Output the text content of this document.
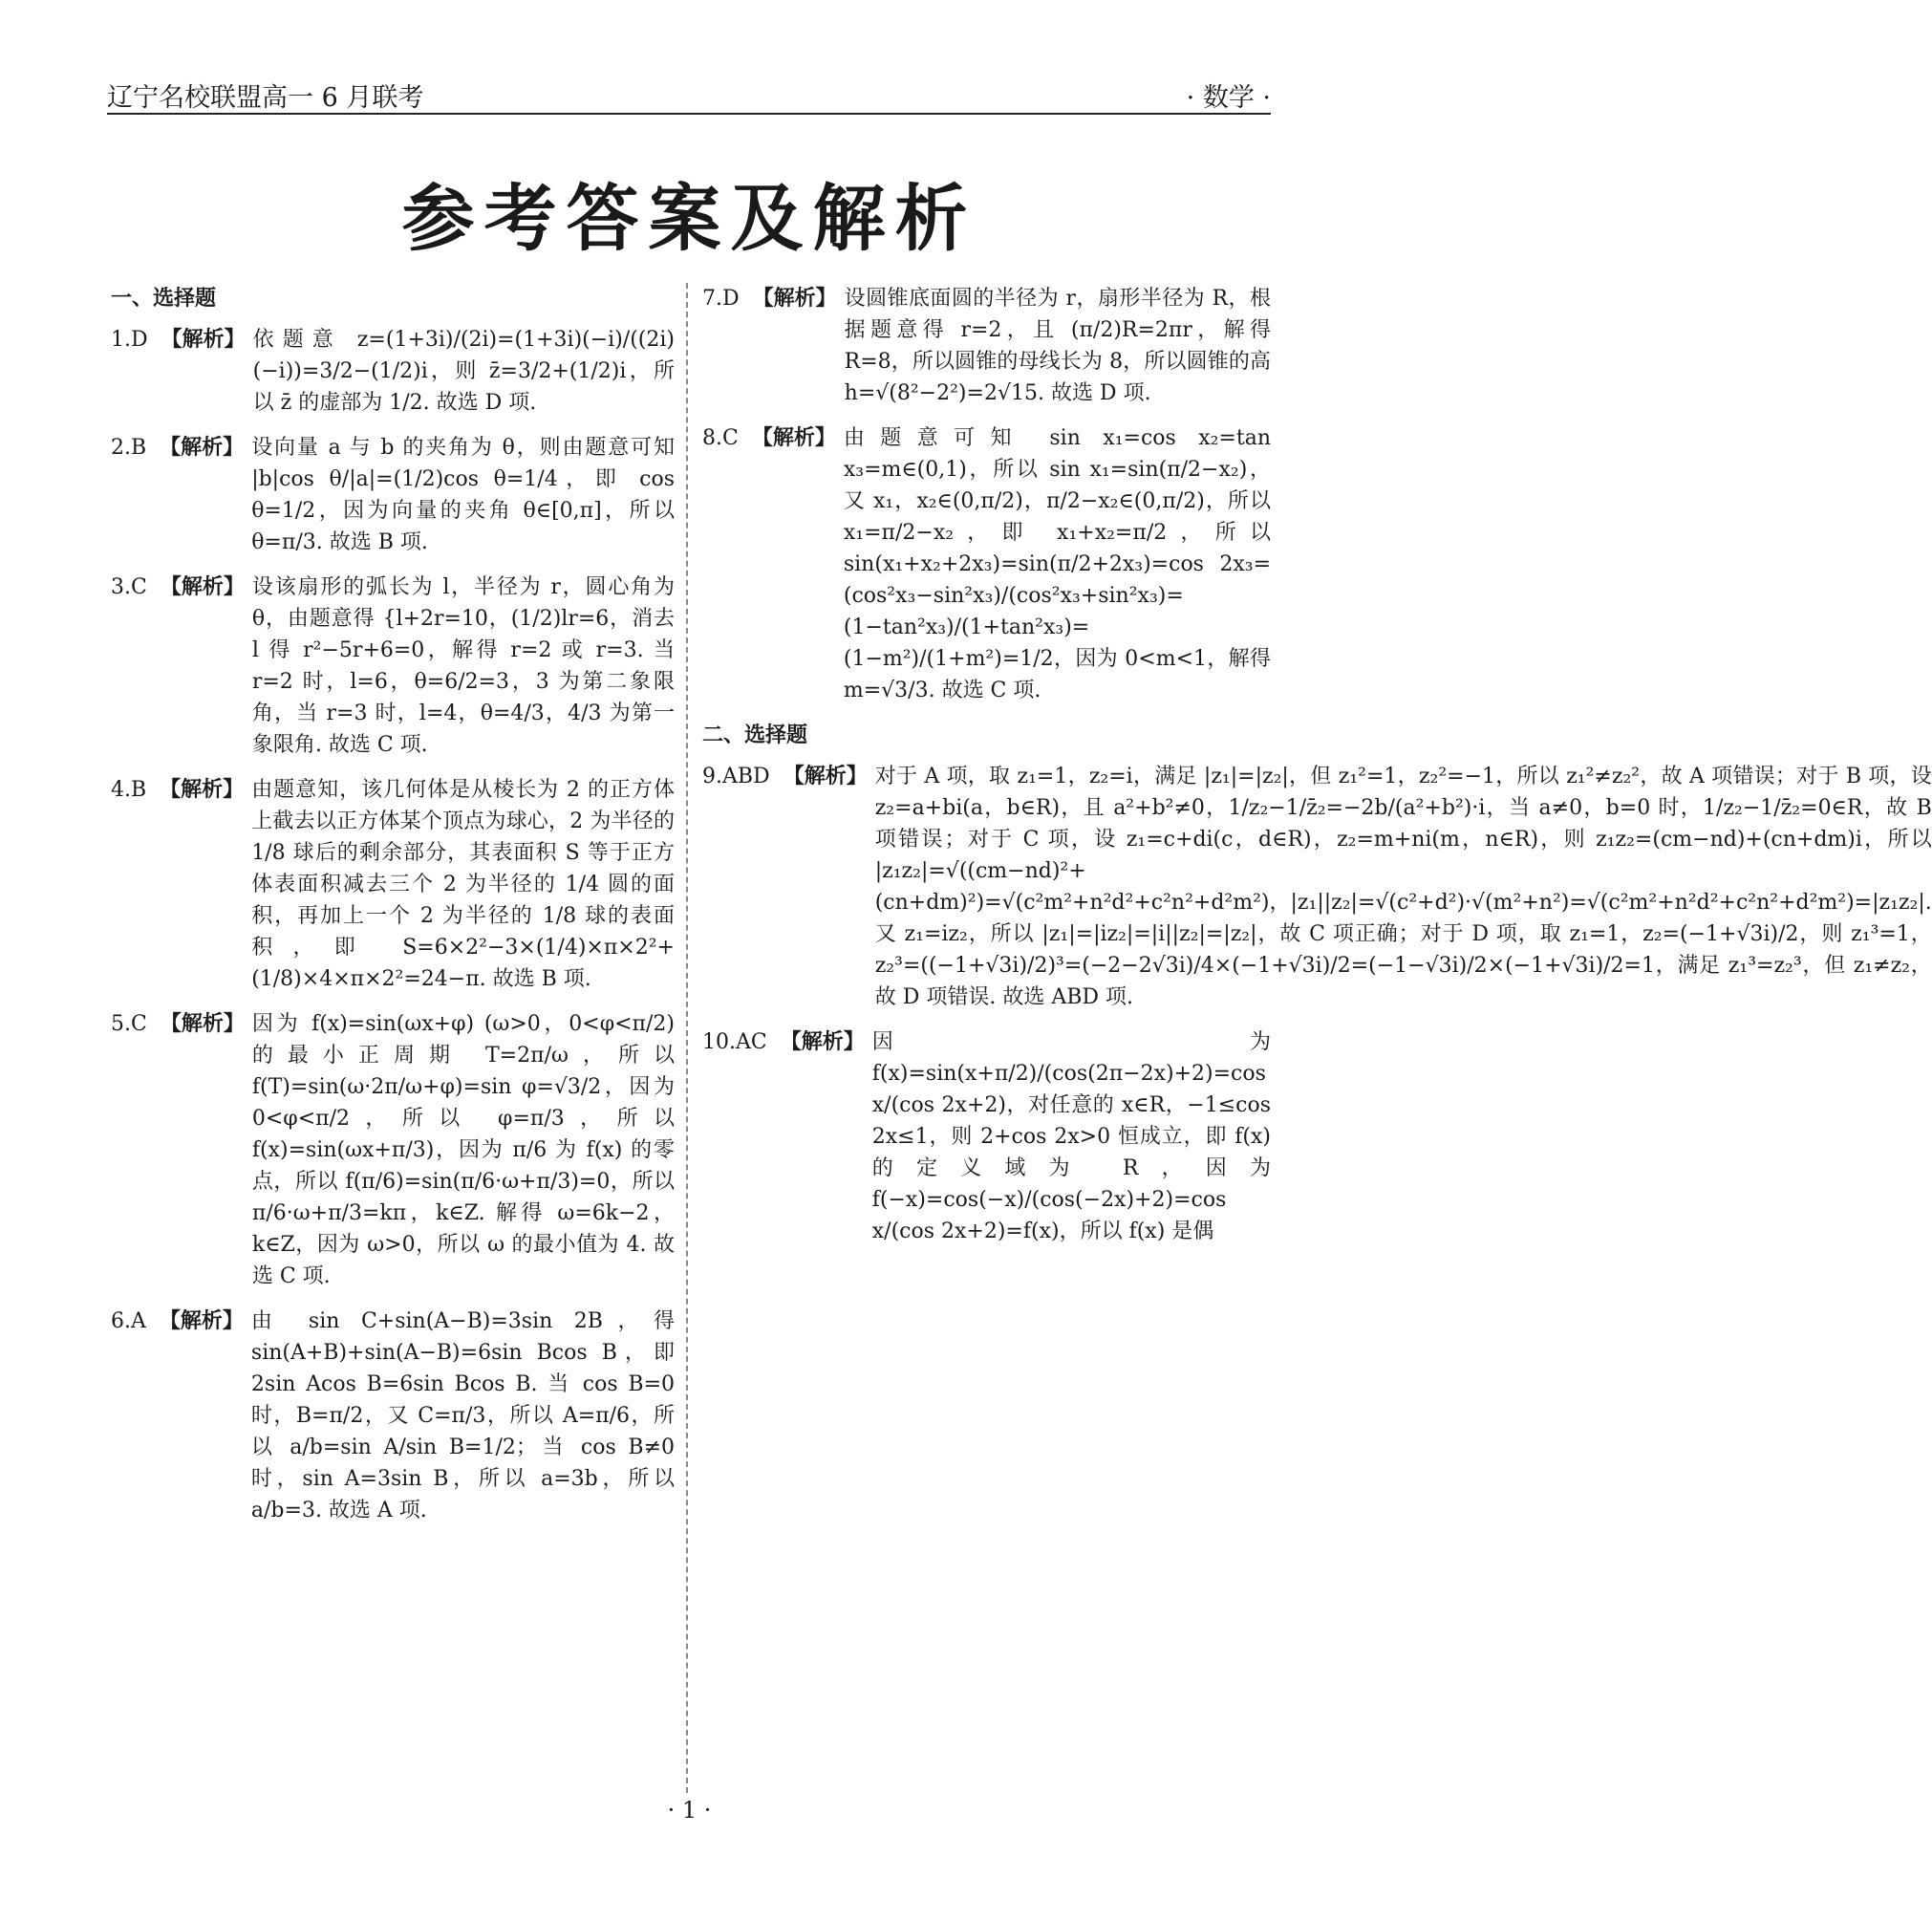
辽宁名校联盟高一 6 月联考	· 数学 ·
参考答案及解析
一、选择题
1.D 【解析】 依题意 z=(1+3i)/(2i)=(1+3i)(−i)/((2i)(−i))=3/2−(1/2)i，则 z̄=3/2+(1/2)i，所以 z̄ 的虚部为 1/2. 故选 D 项.
2.B 【解析】 设向量 a 与 b 的夹角为 θ，则由题意可知 |b|cos θ/|a|=(1/2)cos θ=1/4，即 cos θ=1/2，因为向量的夹角 θ∈[0,π]，所以 θ=π/3. 故选 B 项.
3.C 【解析】 设该扇形的弧长为 l，半径为 r，圆心角为 θ，由题意得 {l+2r=10，(1/2)lr=6，消去 l 得 r²−5r+6=0，解得 r=2 或 r=3. 当 r=2 时，l=6，θ=6/2=3，3 为第二象限角，当 r=3 时，l=4，θ=4/3，4/3 为第一象限角. 故选 C 项.
4.B 【解析】 由题意知，该几何体是从棱长为 2 的正方体上截去以正方体某个顶点为球心，2 为半径的 1/8 球后的剩余部分，其表面积 S 等于正方体表面积减去三个 2 为半径的 1/4 圆的面积，再加上一个 2 为半径的 1/8 球的表面积，即 S=6×2²−3×(1/4)×π×2²+(1/8)×4×π×2²=24−π. 故选 B 项.
5.C 【解析】 因为 f(x)=sin(ωx+φ) (ω>0，0<φ<π/2) 的最小正周期 T=2π/ω，所以 f(T)=sin(ω·2π/ω+φ)=sin φ=√3/2，因为 0<φ<π/2，所以 φ=π/3，所以 f(x)=sin(ωx+π/3)，因为 π/6 为 f(x) 的零点，所以 f(π/6)=sin(π/6·ω+π/3)=0，所以 π/6·ω+π/3=kπ，k∈Z. 解得 ω=6k−2，k∈Z，因为 ω>0，所以 ω 的最小值为 4. 故选 C 项.
6.A 【解析】 由 sin C+sin(A−B)=3sin 2B，得 sin(A+B)+sin(A−B)=6sin Bcos B，即 2sin Acos B=6sin Bcos B. 当 cos B=0 时，B=π/2，又 C=π/3，所以 A=π/6，所以 a/b=sin A/sin B=1/2；当 cos B≠0 时，sin A=3sin B，所以 a=3b，所以 a/b=3. 故选 A 项.
7.D 【解析】 设圆锥底面圆的半径为 r，扇形半径为 R，根据题意得 r=2，且 (π/2)R=2πr，解得 R=8，所以圆锥的母线长为 8，所以圆锥的高 h=√(8²−2²)=2√15. 故选 D 项.
8.C 【解析】 由题意可知 sin x₁=cos x₂=tan x₃=m∈(0,1)，所以 sin x₁=sin(π/2−x₂)，又 x₁，x₂∈(0,π/2)，π/2−x₂∈(0,π/2)，所以 x₁=π/2−x₂，即 x₁+x₂=π/2，所以 sin(x₁+x₂+2x₃)=sin(π/2+2x₃)=cos 2x₃=(cos²x₃−sin²x₃)/(cos²x₃+sin²x₃)=(1−tan²x₃)/(1+tan²x₃)=(1−m²)/(1+m²)=1/2，因为 0<m<1，解得 m=√3/3. 故选 C 项.
二、选择题
9.ABD 【解析】 对于 A 项，取 z₁=1，z₂=i，满足 |z₁|=|z₂|，但 z₁²=1，z₂²=−1，所以 z₁²≠z₂²，故 A 项错误；对于 B 项，设 z₂=a+bi(a，b∈R)，且 a²+b²≠0，1/z₂−1/z̄₂=−2b/(a²+b²)·i，当 a≠0，b=0 时，1/z₂−1/z̄₂=0∈R，故 B 项错误；对于 C 项，设 z₁=c+di(c，d∈R)，z₂=m+ni(m，n∈R)，则 z₁z₂=(cm−nd)+(cn+dm)i，所以 |z₁z₂|=√((cm−nd)²+(cn+dm)²)=√(c²m²+n²d²+c²n²+d²m²)，|z₁||z₂|=√(c²+d²)·√(m²+n²)=√(c²m²+n²d²+c²n²+d²m²)=|z₁z₂|. 又 z₁=iz₂，所以 |z₁|=|iz₂|=|i||z₂|=|z₂|，故 C 项正确；对于 D 项，取 z₁=1，z₂=(−1+√3i)/2，则 z₁³=1，z₂³=((−1+√3i)/2)³=(−2−2√3i)/4×(−1+√3i)/2=(−1−√3i)/2×(−1+√3i)/2=1，满足 z₁³=z₂³，但 z₁≠z₂，故 D 项错误. 故选 ABD 项.
10.AC 【解析】 因为 f(x)=sin(x+π/2)/(cos(2π−2x)+2)=cos x/(cos 2x+2)，对任意的 x∈R，−1≤cos 2x≤1，则 2+cos 2x>0 恒成立，即 f(x) 的定义域为 R，因为 f(−x)=cos(−x)/(cos(−2x)+2)=cos x/(cos 2x+2)=f(x)，所以 f(x) 是偶
· 1 ·
